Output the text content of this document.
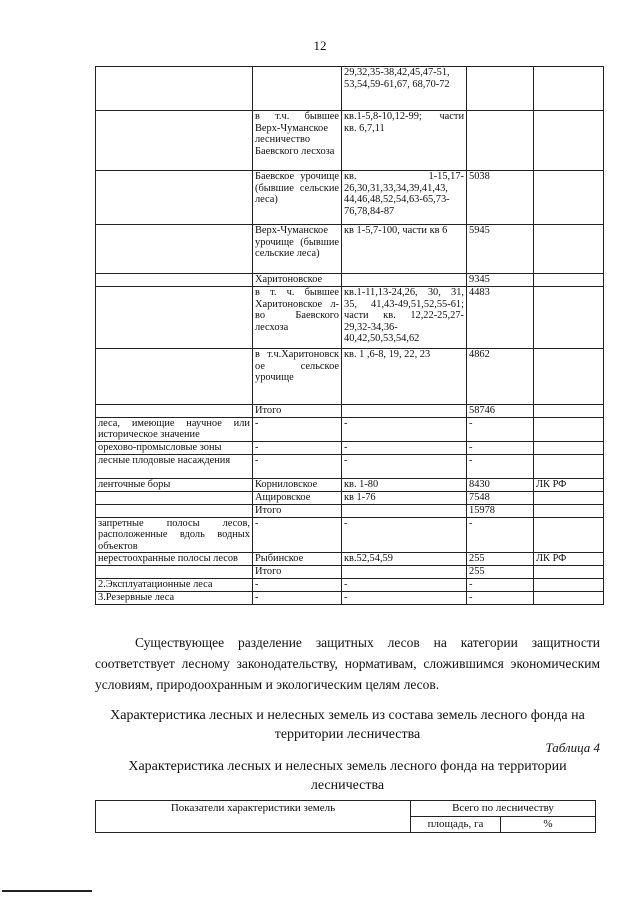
12
		29,32,35-38,42,45,47-51, 53,54,59-61,67, 68,70-72		
	в т.ч. бывшее Верх-Чуманское лесничество Баевского лесхоза	кв.1-5,8-10,12-99; части кв. 6,7,11		
	Баевское урочище (бывшие сельские леса)	кв. 1-15,17-26,30,31,33,34,39,41,43, 44,46,48,52,54,63-65,73-76,78,84-87	5038	
	Верх-Чуманское урочище (бывшие сельские леса)	кв 1-5,7-100, части кв 6	5945	
	Харитоновское		9345	
	в т. ч. бывшее Харитоновское л-во Баевского лесхоза	кв.1-11,13-24,26, 30, 31, 35, 41,43-49,51,52,55-61; части кв. 12,22-25,27-29,32-34,36-40,42,50,53,54,62	4483	
	в т.ч.Харитоновск ое сельское урочище	кв. 1 ,6-8, 19, 22, 23	4862	
	Итого		58746	
леса, имеющие научное или историческое значение	-	-	-	
орехово-промысловые зоны	-	-	-	
лесные плодовые насаждения	-	-	-	
ленточные боры	Корниловское	кв. 1-80	8430	ЛК РФ
	Ащировское	кв 1-76	7548	
	Итого		15978	
запретные полосы лесов, расположенные вдоль водных объектов	-	-	-	
нерестоохранные полосы лесов	Рыбинское	кв.52,54,59	255	ЛК РФ
	Итого		255	
2.Эксплуатационные леса	-	-	-	
3.Резервные леса	-	-	-	
Существующее разделение защитных лесов на категории защитности соответствует лесному законодательству, нормативам, сложившимся экономическим условиям, природоохранным и экологическим целям лесов.
Характеристика лесных и нелесных земель из состава земель лесного фонда на территории лесничества
Таблица 4
Характеристика лесных и нелесных земель лесного фонда на территории лесничества
Показатели характеристики земель	Всего по лесничеству	
	площадь, га	%
